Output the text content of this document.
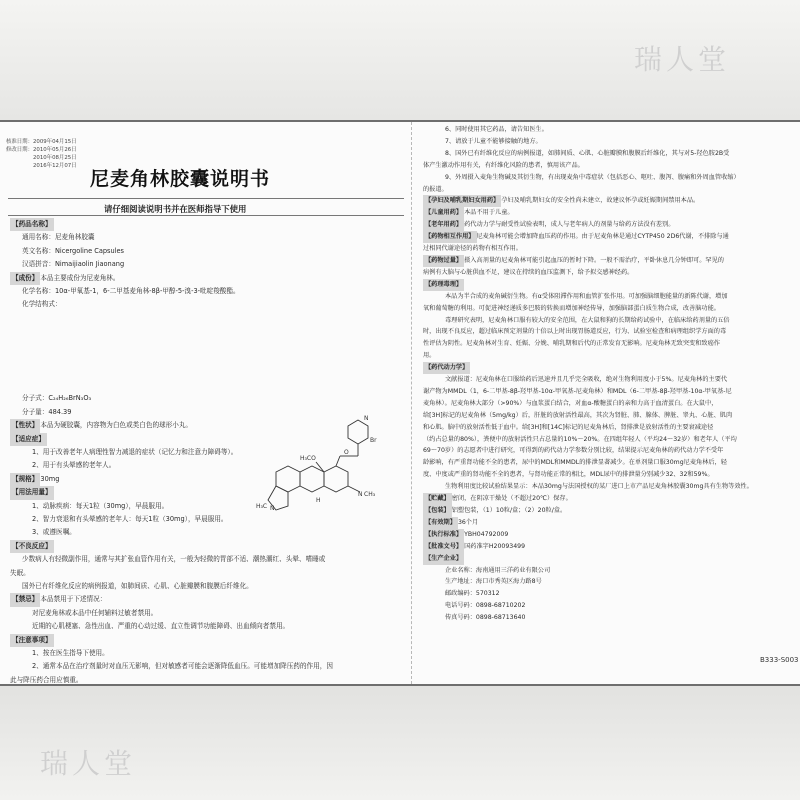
瑞人堂
核准日期：2009年04月15日
修改日期：2010年05月26日
　　　　　2010年08月25日
　　　　　2016年12月07日
尼麦角林胶囊说明书
请仔细阅读说明书并在医师指导下使用
【药品名称】
通用名称：尼麦角林胶囊
英文名称：Nicergoline Capsules
汉语拼音：Nimaijiaolin Jiaonang
【成份】 本品主要成份为尼麦角林。
化学名称：10α-甲氧基-1，6-二甲基麦角林-8β-甲醇-5-溴-3-吡啶羧酸酯。
化学结构式：

分子式：C₂₄H₂₆BrN₃O₃
分子量：484.39
【性状】 本品为硬胶囊，内容物为白色或类白色的球形小丸。
【适应症】
1、用于改善老年人病理性智力减退的症状（记忆力和注意力障碍等）。
2、用于有头晕感的老年人。
【规格】 30mg
【用法用量】
1、动脉疾病：每天1粒（30mg），早晨服用。
2、智力衰退和有头晕感的老年人：每天1粒（30mg），早晨服用。
3、或遵医嘱。
【不良反应】
少数病人有轻微副作用，通常与其扩张血管作用有关，一般为轻微的胃部不适、潮热潮红、头晕、嗜睡或
失眠。
国外已有纤维化反应的病例报道，如肺间质、心肌、心脏瓣膜和腹膜后纤维化。
【禁忌】 本品禁用于下述情况：
对尼麦角林或本品中任何辅料过敏者禁用。
近期的心肌梗塞、急性出血、严重的心动过缓、直立性调节功能障碍、出血倾向者禁用。
【注意事项】
1、按在医生指导下使用。
2、通常本品在治疗剂量时对血压无影响，但对敏感者可能会逐渐降低血压。可能增加降压药的作用，因
此与降压药合用应慎重。
N
Br
O
H₃CO
N CH₃
H₃C N
H
6、同时使用其它药品，请告知医生。
7、请放于儿童不能够接触的地方。
8、国外已有纤维化反应的病例报道，如肺间质、心肌、心脏瓣膜和腹膜后纤维化，其与对5-羟色胺2B受
体产生激动作用有关，有纤维化风险的患者，慎用该产品。
9、外周摄入麦角生物碱及其衍生物，有出现麦角中毒症状（包括恶心、呕吐、腹泻、腹痛和外周血管收缩）
的报道。
【孕妇及哺乳期妇女用药】 孕妇及哺乳期妇女的安全性尚未建立，故建议怀孕或妊娠期间禁用本品。
【儿童用药】 本品不用于儿童。
【老年用药】 药代动力学与耐受性试验表明，成人与老年病人的剂量与给药方法没有差别。
【药物相互作用】 尼麦角林可能会增加降血压药的作用。由于尼麦角林是通过CYTP450 2D6代谢，不排除与通
过相同代谢途径的药物有相互作用。
【药物过量】 摄入高剂量的尼麦角林可能引起血压的暂时下降。一般不需治疗，平卧休息几分钟即可。罕见的
病例有大脑与心脏供血不足，建议在持续的血压监测下，给予拟交感神经药。
【药理毒理】
本品为半合成的麦角碱衍生物。有α受体阻滞作用和血管扩张作用。可加强脑细胞能量的新陈代谢，增加
氧和葡萄糖的利用。可促进神经递质多巴胺的转换而增加神经传导，加强脑部蛋白质生物合成，改善脑功能。
毒理研究表明，尼麦角林口服有较大的安全范围，在大鼠和狗的长期给药试验中，在临床给药剂量的五倍
时，出现不良反应，超过临床预定剂量的十倍以上时出现胃肠道反应，行为、试验室检查和病理组织学方面的毒
性评估为阴性。尼麦角林对生育、妊娠、分娩、哺乳期和后代的正常发育无影响。尼麦角林无致突变和致癌作
用。
【药代动力学】
文献报道：尼麦角林在口服给药后迅速并且几乎完全吸收，绝对生物利用度小于5%。尼麦角林的主要代
谢产物为MMDL（1，6-二甲基-8β-羟甲基-10α-甲氧基-尼麦角林）和MDL（6-二甲基-8β-羟甲基-10α-甲氧基-尼
麦角林）。尼麦角林大部分（>90%）与血浆蛋白结合，对血α-酸糖蛋白的亲和力高于血清蛋白。在大鼠中，
给[3H]标记的尼麦角林（5mg/kg）后，肝脏的放射活性最高，其次为肾脏、肺、腺体、脾脏、睾丸、心脏、肌肉
和心肌。脑中的放射活性低于血中。给[3H]和[14C]标记的尼麦角林后，肾排泄是放射活性的主要衰减途径
（约占总量的80%），粪便中的放射活性只占总量的10%～20%。在四组年轻人（平均24～32岁）和老年人（平均
69～70岁）的志愿者中进行研究，可得到的药代动力学参数分别比较，结果提示尼麦角林的药代动力学不受年
龄影响，有严重肾功能不全的患者，尿中的MDL和MMDL的排泄显著减少。在单剂量口服30mg尼麦角林后，轻
度、中度或严重的肾功能不全的患者，与肾功能正常的相比，MDL尿中的排泄量分别减少32、32和59%。
生物利用度比较试验结果显示：本品30mg与法国授权的某厂进口上市产品尼麦角林胶囊30mg具有生物等效性。
【贮藏】 密闭，在阴凉干燥处（不超过20℃）保存。
【包装】 铝塑包装，（1）10粒/盒；（2）20粒/盒。
【有效期】 36个月
【执行标准】 YBH04792009
【批准文号】 国药准字H20093499
【生产企业】
企业名称：海南通用三洋药业有限公司
生产地址：海口市秀英区海力路8号
邮政编码：570312
电话号码：0898-68710202
传真号码：0898-68713640
B333-S003
瑞人堂
